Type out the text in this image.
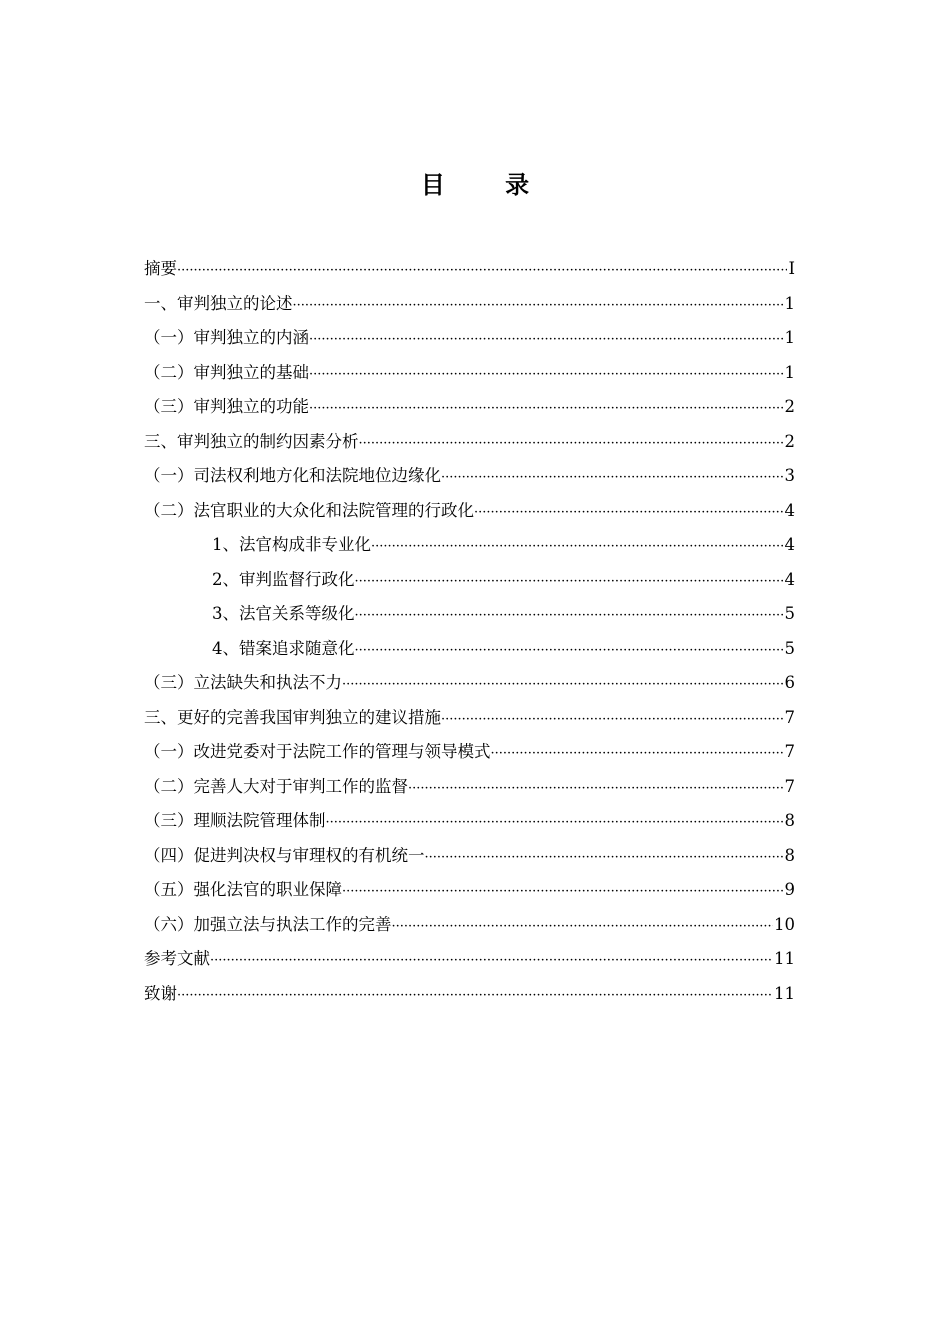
目 录
摘要 ·····	I
一、审判独立的论述 ·····	1
（一）审判独立的内涵 ·····	1
（二）审判独立的基础 ·····	1
（三）审判独立的功能 ·····	2
三、审判独立的制约因素分析 ·····	2
（一）司法权利地方化和法院地位边缘化 ·····	3
（二）法官职业的大众化和法院管理的行政化 ·····	4
1、法官构成非专业化 ·····	4
2、审判监督行政化 ·····	4
3、法官关系等级化 ·····	5
4、错案追求随意化 ·····	5
（三）立法缺失和执法不力 ·····	6
三、更好的完善我国审判独立的建议措施 ·····	7
（一）改进党委对于法院工作的管理与领导模式 ·····	7
（二）完善人大对于审判工作的监督 ·····	7
（三）理顺法院管理体制 ·····	8
（四）促进判决权与审理权的有机统一 ·····	8
（五）强化法官的职业保障 ·····	9
（六）加强立法与执法工作的完善 ·····	10
参考文献 ·····	11
致谢 ·····	11
